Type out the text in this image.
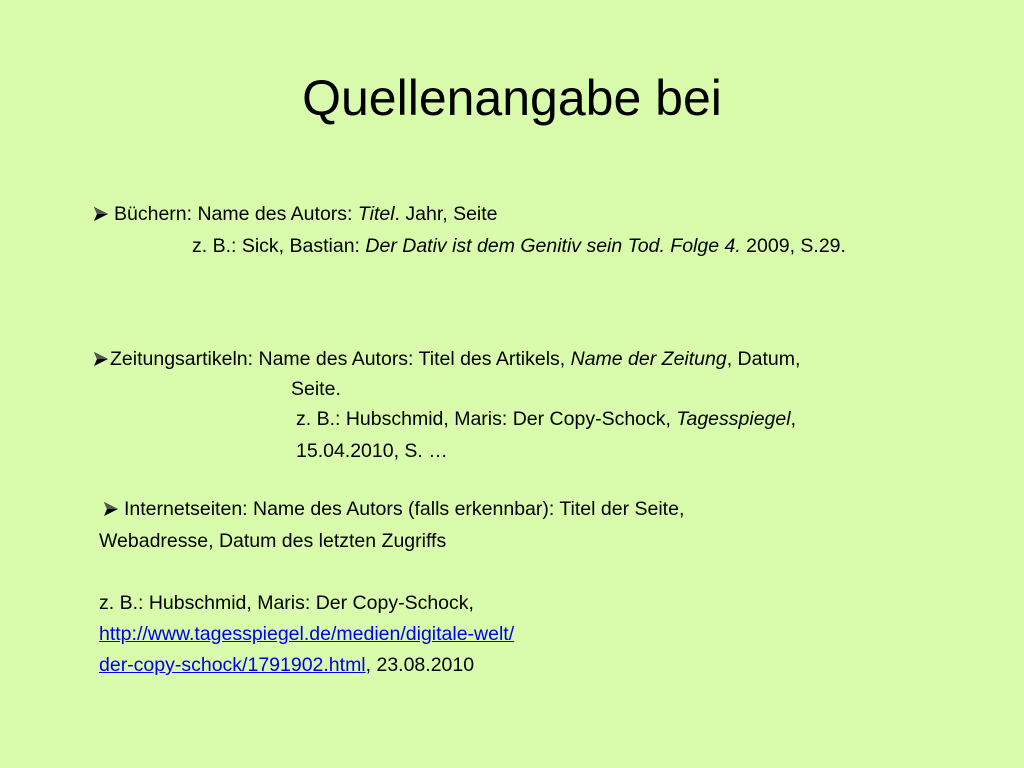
Quellenangabe bei
Büchern: Name des Autors: Titel. Jahr, Seite
z. B.: Sick, Bastian: Der Dativ ist dem Genitiv sein Tod. Folge 4. 2009, S.29.
Zeitungsartikeln: Name des Autors: Titel des Artikels, Name der Zeitung, Datum,
Seite.
z. B.: Hubschmid, Maris: Der Copy-Schock, Tagesspiegel,
15.04.2010, S. …
Internetseiten: Name des Autors (falls erkennbar): Titel der Seite,
Webadresse, Datum des letzten Zugriffs
z. B.: Hubschmid, Maris: Der Copy-Schock,
http://www.tagesspiegel.de/medien/digitale-welt/
der-copy-schock/1791902.html, 23.08.2010
